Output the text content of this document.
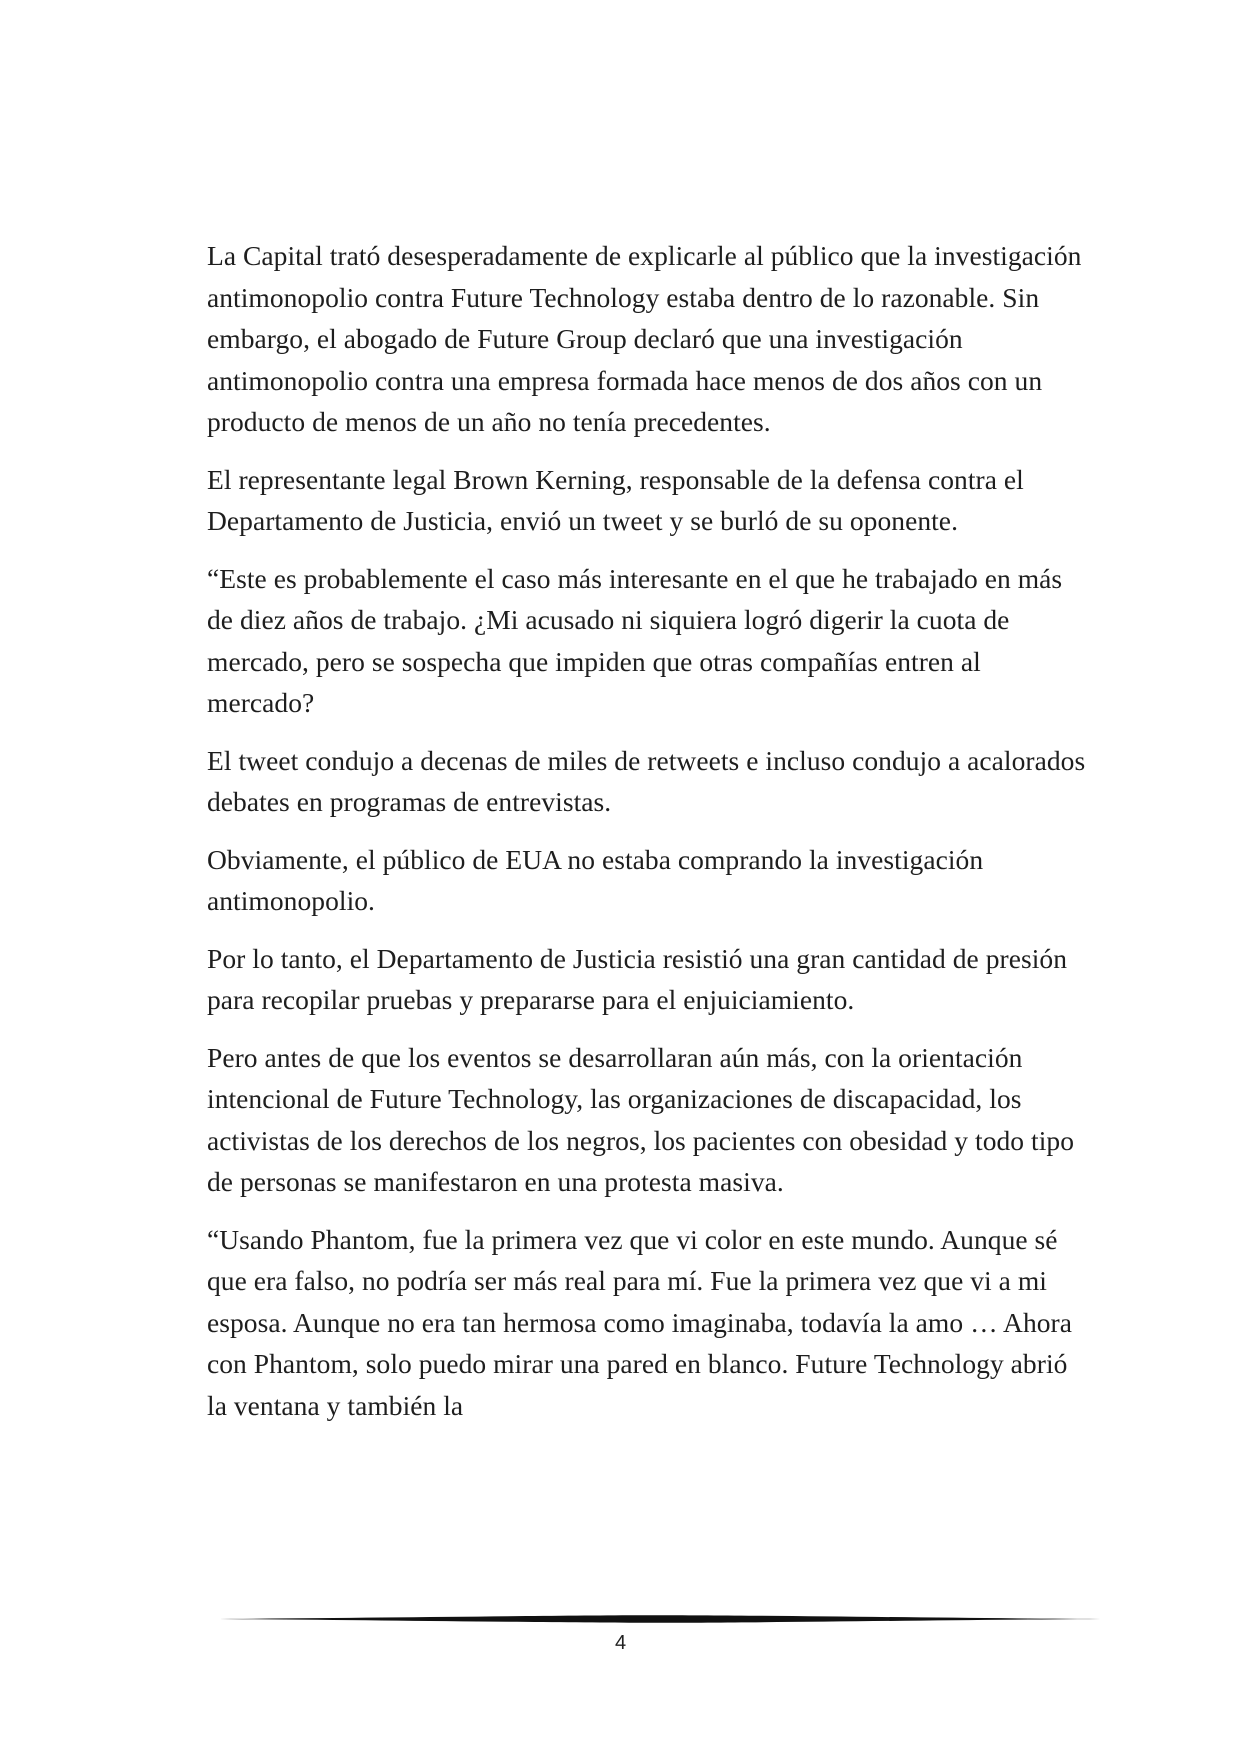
La Capital trató desesperadamente de explicarle al público que la investigación antimonopolio contra Future Technology estaba dentro de lo razonable. Sin embargo, el abogado de Future Group declaró que una investigación antimonopolio contra una empresa formada hace menos de dos años con un producto de menos de un año no tenía precedentes.

El representante legal Brown Kerning, responsable de la defensa contra el Departamento de Justicia, envió un tweet y se burló de su oponente.

“Este es probablemente el caso más interesante en el que he trabajado en más de diez años de trabajo. ¿Mi acusado ni siquiera logró digerir la cuota de mercado, pero se sospecha que impiden que otras compañías entren al mercado?

El tweet condujo a decenas de miles de retweets e incluso condujo a acalorados debates en programas de entrevistas.

Obviamente, el público de EUA no estaba comprando la investigación antimonopolio.

Por lo tanto, el Departamento de Justicia resistió una gran cantidad de presión para recopilar pruebas y prepararse para el enjuiciamiento.

Pero antes de que los eventos se desarrollaran aún más, con la orientación intencional de Future Technology, las organizaciones de discapacidad, los activistas de los derechos de los negros, los pacientes con obesidad y todo tipo de personas se manifestaron en una protesta masiva.

“Usando Phantom, fue la primera vez que vi color en este mundo. Aunque sé que era falso, no podría ser más real para mí. Fue la primera vez que vi a mi esposa. Aunque no era tan hermosa como imaginaba, todavía la amo … Ahora con Phantom, solo puedo mirar una pared en blanco. Future Technology abrió la ventana y también la

4
